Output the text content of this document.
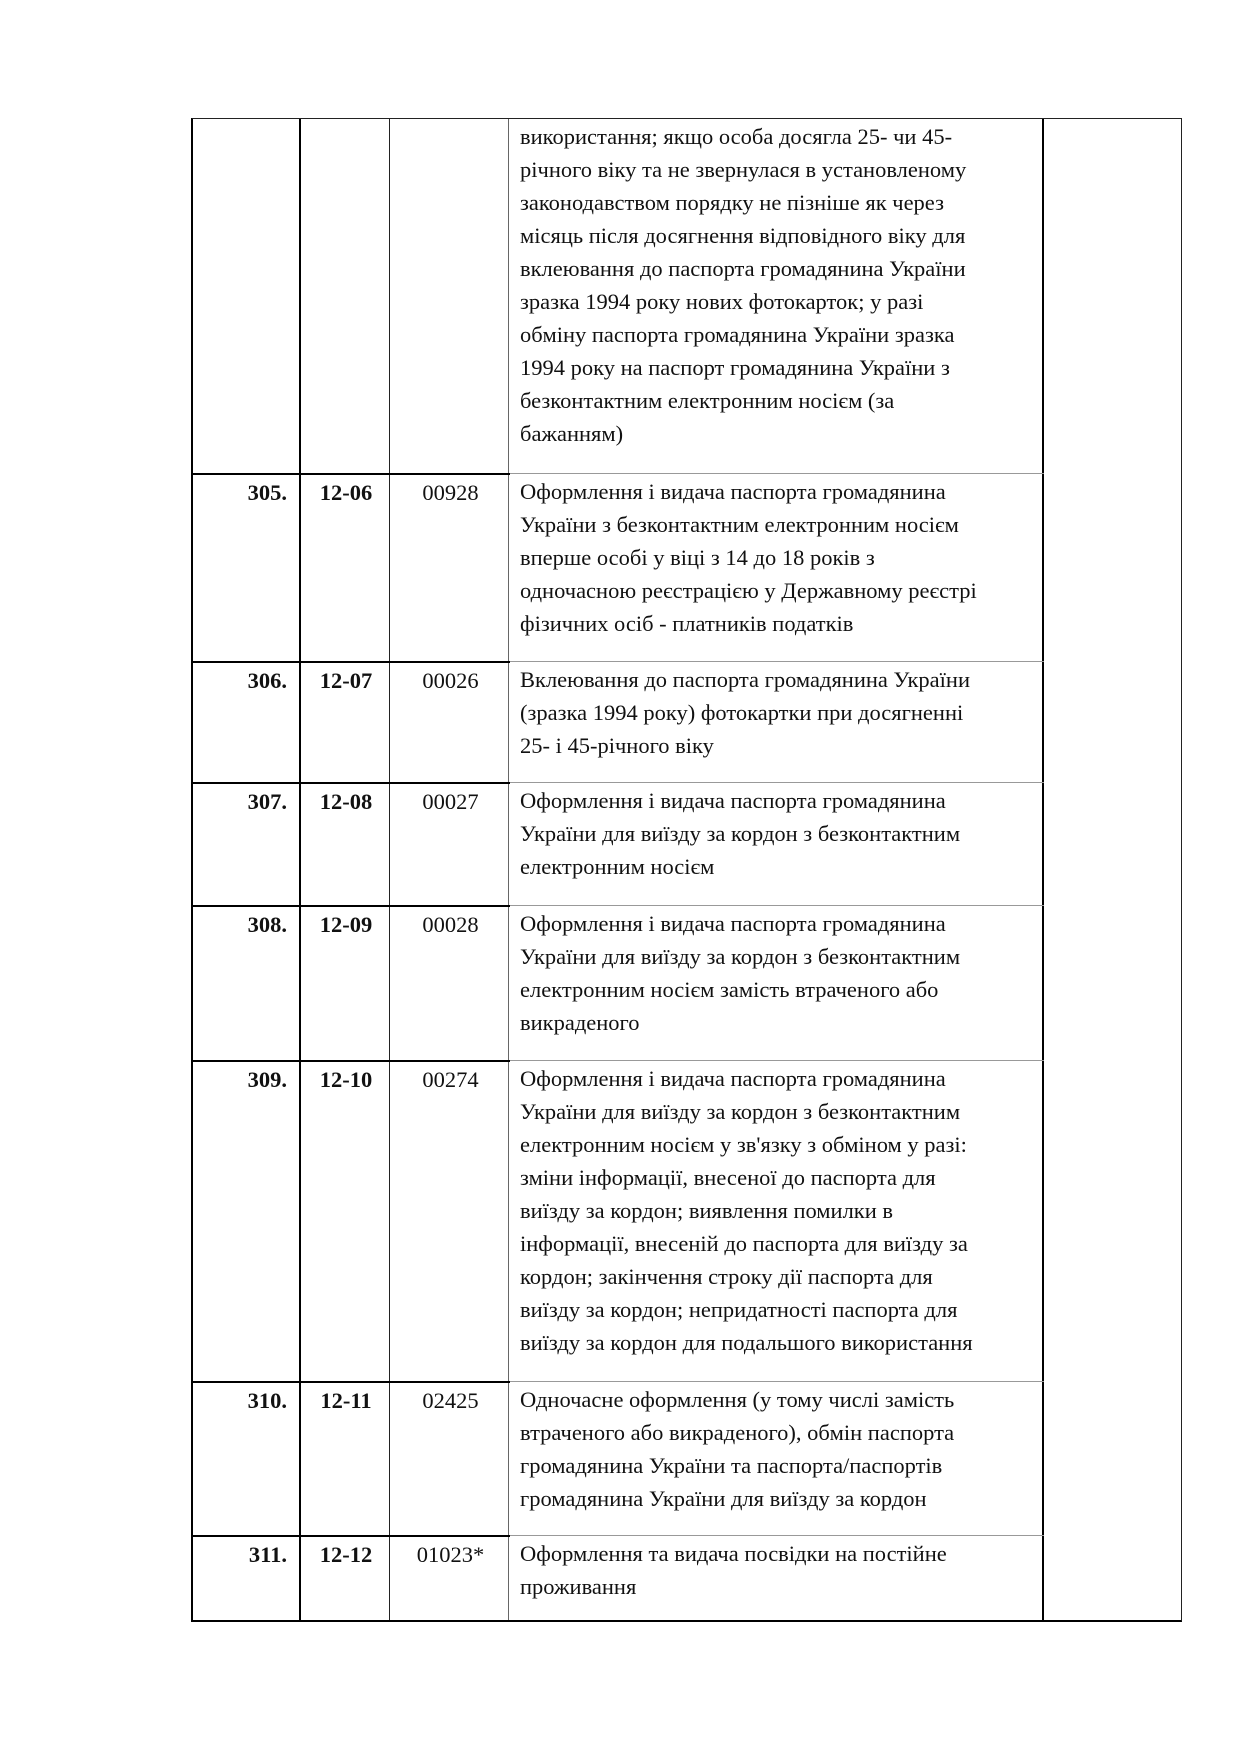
використання; якщо особа досягла 25- чи 45-
річного віку та не звернулася в установленому
законодавством порядку не пізніше як через
місяць після досягнення відповідного віку для
вклеювання до паспорта громадянина України
зразка 1994 року нових фотокарток; у разі
обміну паспорта громадянина України зразка
1994 року на паспорт громадянина України з
безконтактним електронним носієм (за
бажанням)
305.	12-06	00928	Оформлення і видача паспорта громадянина
України з безконтактним електронним носієм
вперше особі у віці з 14 до 18 років з
одночасною реєстрацією у Державному реєстрі
фізичних осіб - платників податків
306.	12-07	00026	Вклеювання до паспорта громадянина України
(зразка 1994 року) фотокартки при досягненні
25- і 45-річного віку
307.	12-08	00027	Оформлення і видача паспорта громадянина
України для виїзду за кордон з безконтактним
електронним носієм
308.	12-09	00028	Оформлення і видача паспорта громадянина
України для виїзду за кордон з безконтактним
електронним носієм замість втраченого або
викраденого
309.	12-10	00274	Оформлення і видача паспорта громадянина
України для виїзду за кордон з безконтактним
електронним носієм у зв'язку з обміном у разі:
зміни інформації, внесеної до паспорта для
виїзду за кордон; виявлення помилки в
інформації, внесеній до паспорта для виїзду за
кордон; закінчення строку дії паспорта для
виїзду за кордон; непридатності паспорта для
виїзду за кордон для подальшого використання
310.	12-11	02425	Одночасне оформлення (у тому числі замість
втраченого або викраденого), обмін паспорта
громадянина України та паспорта/паспортів
громадянина України для виїзду за кордон
311.	12-12	01023*	Оформлення та видача посвідки на постійне
проживання
